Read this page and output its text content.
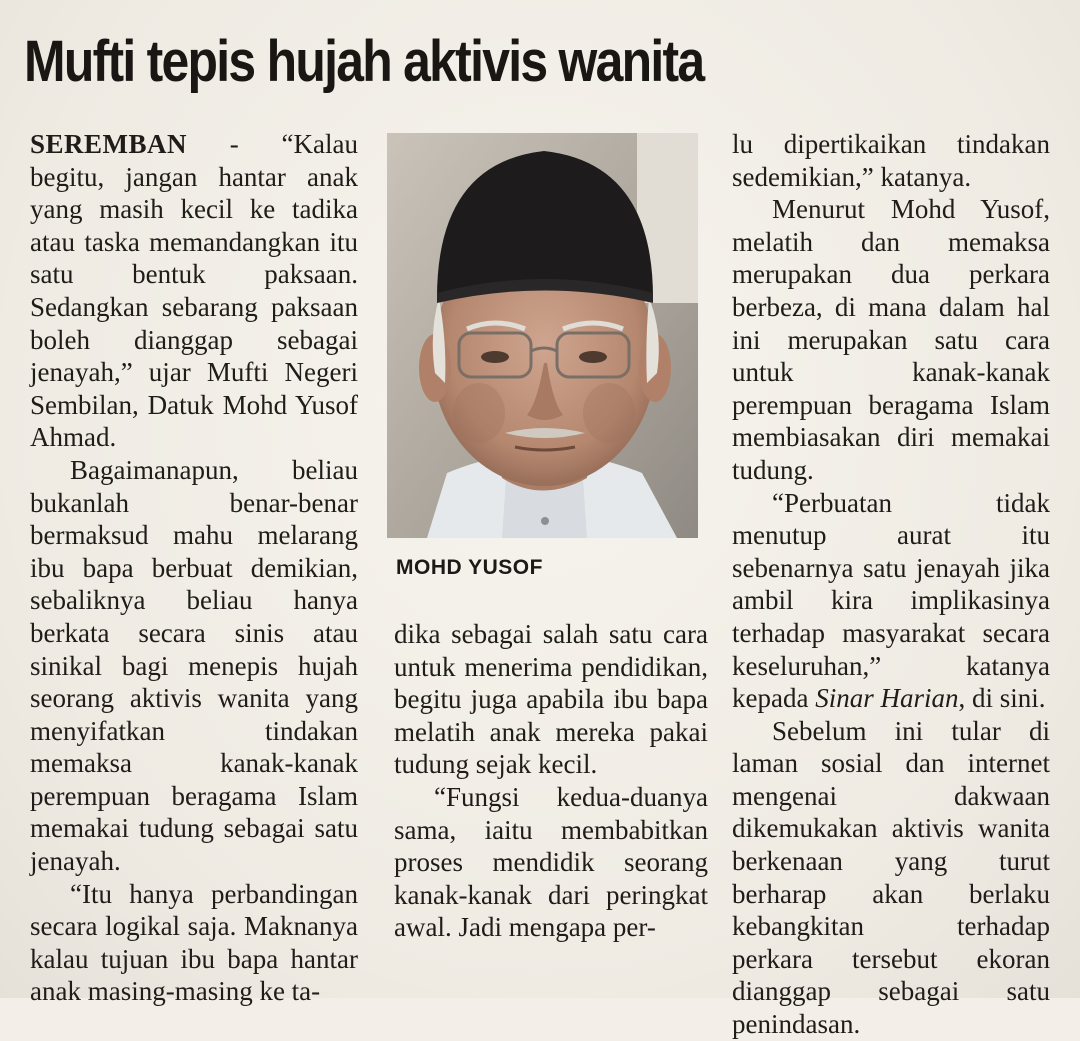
Mufti tepis hujah aktivis wanita

SEREMBAN - “Kalau begitu, jangan hantar anak yang masih kecil ke tadika atau taska memandangkan itu satu bentuk paksaan. Sedangkan sebarang paksaan boleh dianggap sebagai jenayah,” ujar Mufti Negeri Sembilan, Datuk Mohd Yusof Ahmad.

Bagaimanapun, beliau bukanlah benar-benar bermaksud mahu melarang ibu bapa berbuat demikian, sebaliknya beliau hanya berkata secara sinis atau sinikal bagi menepis hujah seorang aktivis wanita yang menyifatkan tindakan memaksa kanak-kanak perempuan beragama Islam memakai tudung sebagai satu jenayah.

“Itu hanya perbandingan secara logikal saja. Maknanya kalau tujuan ibu bapa hantar anak masing-masing ke ta-

MOHD YUSOF

dika sebagai salah satu cara untuk menerima pendidikan, begitu juga apabila ibu bapa melatih anak mereka pakai tudung sejak kecil.

“Fungsi kedua-duanya sama, iaitu membabitkan proses mendidik seorang kanak-kanak dari peringkat awal. Jadi mengapa per-

lu dipertikaikan tindakan sedemikian,” katanya.

Menurut Mohd Yusof, melatih dan memaksa merupakan dua perkara berbeza, di mana dalam hal ini merupakan satu cara untuk kanak-kanak perempuan beragama Islam membiasakan diri memakai tudung.

“Perbuatan tidak menutup aurat itu sebenarnya satu jenayah jika ambil kira implikasinya terhadap masyarakat secara keseluruhan,” katanya kepada Sinar Harian, di sini.

Sebelum ini tular di laman sosial dan internet mengenai dakwaan dikemukakan aktivis wanita berkenaan yang turut berharap akan berlaku kebangkitan terhadap perkara tersebut ekoran dianggap sebagai satu penindasan.
